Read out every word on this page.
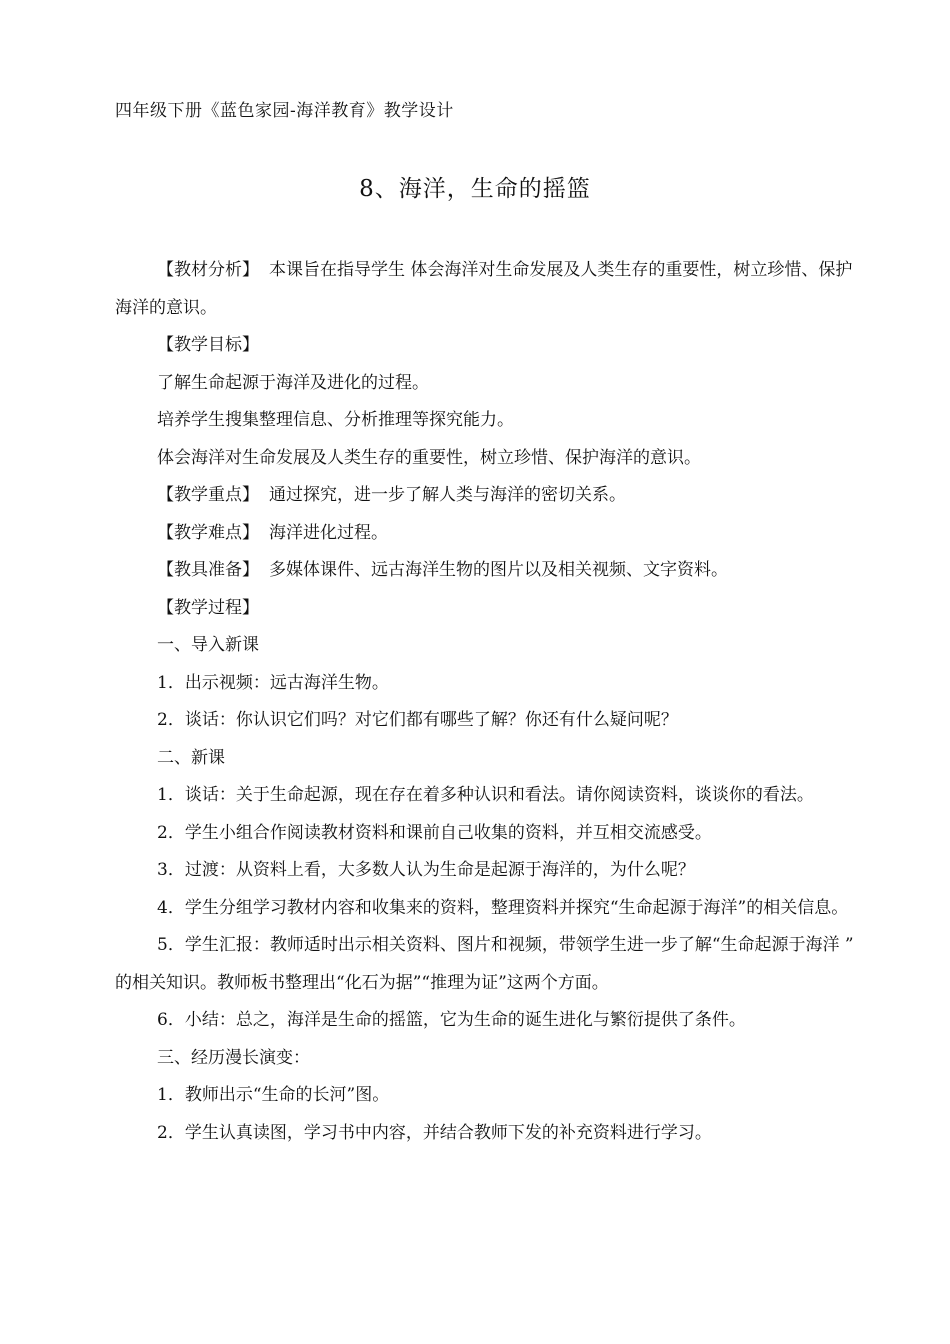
四年级下册《蓝色家园-海洋教育》教学设计
8、海洋，生命的摇篮

【教材分析】 本课旨在指导学生 体会海洋对生命发展及人类生存的重要性，树立珍惜、保护海洋的意识。

【教学目标】

了解生命起源于海洋及进化的过程。

培养学生搜集整理信息、分析推理等探究能力。

体会海洋对生命发展及人类生存的重要性，树立珍惜、保护海洋的意识。

【教学重点】 通过探究，进一步了解人类与海洋的密切关系。

【教学难点】 海洋进化过程。

【教具准备】 多媒体课件、远古海洋生物的图片以及相关视频、文字资料。

【教学过程】

一、导入新课

1．出示视频：远古海洋生物。

2．谈话：你认识它们吗？对它们都有哪些了解？你还有什么疑问呢？

二、新课

1．谈话：关于生命起源，现在存在着多种认识和看法。请你阅读资料，谈谈你的看法。

2．学生小组合作阅读教材资料和课前自己收集的资料，并互相交流感受。

3．过渡：从资料上看，大多数人认为生命是起源于海洋的，为什么呢？

4．学生分组学习教材内容和收集来的资料，整理资料并探究“生命起源于海洋”的相关信息。

5．学生汇报：教师适时出示相关资料、图片和视频，带领学生进一步了解“生命起源于海洋 ” 的相关知识。教师板书整理出“化石为据”“推理为证”这两个方面。

6．小结：总之，海洋是生命的摇篮，它为生命的诞生进化与繁衍提供了条件。

三、经历漫长演变：

1．教师出示“生命的长河”图。

2．学生认真读图，学习书中内容，并结合教师下发的补充资料进行学习。
